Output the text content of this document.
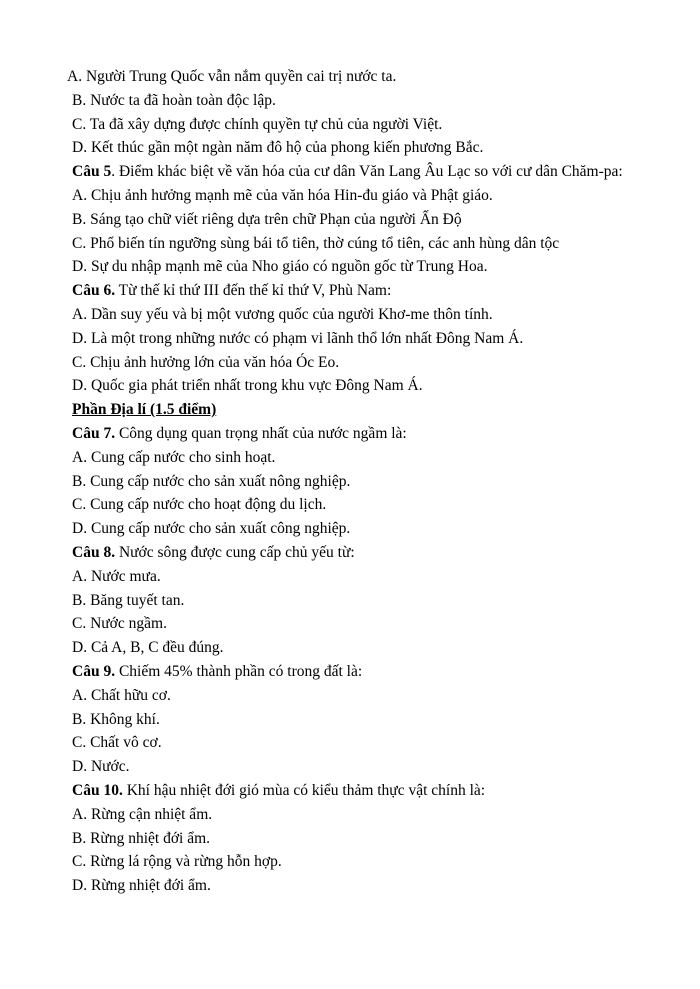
A. Người Trung Quốc vẫn nắm quyền cai trị nước ta.
B. Nước ta đã hoàn toàn độc lập.
C. Ta đã xây dựng được chính quyền tự chủ của người Việt.
D. Kết thúc gần một ngàn năm đô hộ của phong kiến phương Bắc.
Câu 5. Điểm khác biệt về văn hóa của cư dân Văn Lang Âu Lạc so với cư dân Chăm-pa:
A. Chịu ảnh hưởng mạnh mẽ của văn hóa Hin-đu giáo và Phật giáo.
B. Sáng tạo chữ viết riêng dựa trên chữ Phạn của người Ấn Độ
C. Phổ biến tín ngưỡng sùng bái tổ tiên, thờ cúng tổ tiên, các anh hùng dân tộc
D. Sự du nhập mạnh mẽ của Nho giáo có nguồn gốc từ Trung Hoa.
Câu 6. Từ thế kỉ thứ III đến thế kỉ thứ V, Phù Nam:
A. Dần suy yếu và bị một vương quốc của người Khơ-me thôn tính.
D. Là một trong những nước có phạm vi lãnh thổ lớn nhất Đông Nam Á.
C. Chịu ảnh hưởng lớn của văn hóa Óc Eo.
D. Quốc gia phát triển nhất trong khu vực Đông Nam Á.
Phần Địa lí (1.5 điểm)
Câu 7. Công dụng quan trọng nhất của nước ngầm là:
A. Cung cấp nước cho sinh hoạt.
B. Cung cấp nước cho sản xuất nông nghiệp.
C. Cung cấp nước cho hoạt động du lịch.
D. Cung cấp nước cho sản xuất công nghiệp.
Câu 8. Nước sông được cung cấp chủ yếu từ:
A. Nước mưa.
B. Băng tuyết tan.
C. Nước ngầm.
D. Cả A, B, C đều đúng.
Câu 9. Chiếm 45% thành phần có trong đất là:
A. Chất hữu cơ.
B. Không khí.
C. Chất vô cơ.
D. Nước.
Câu 10. Khí hậu nhiệt đới gió mùa có kiểu thảm thực vật chính là:
A. Rừng cận nhiệt ẩm.
B. Rừng nhiệt đới ẩm.
C. Rừng lá rộng và rừng hỗn hợp.
D. Rừng nhiệt đới ẩm.
